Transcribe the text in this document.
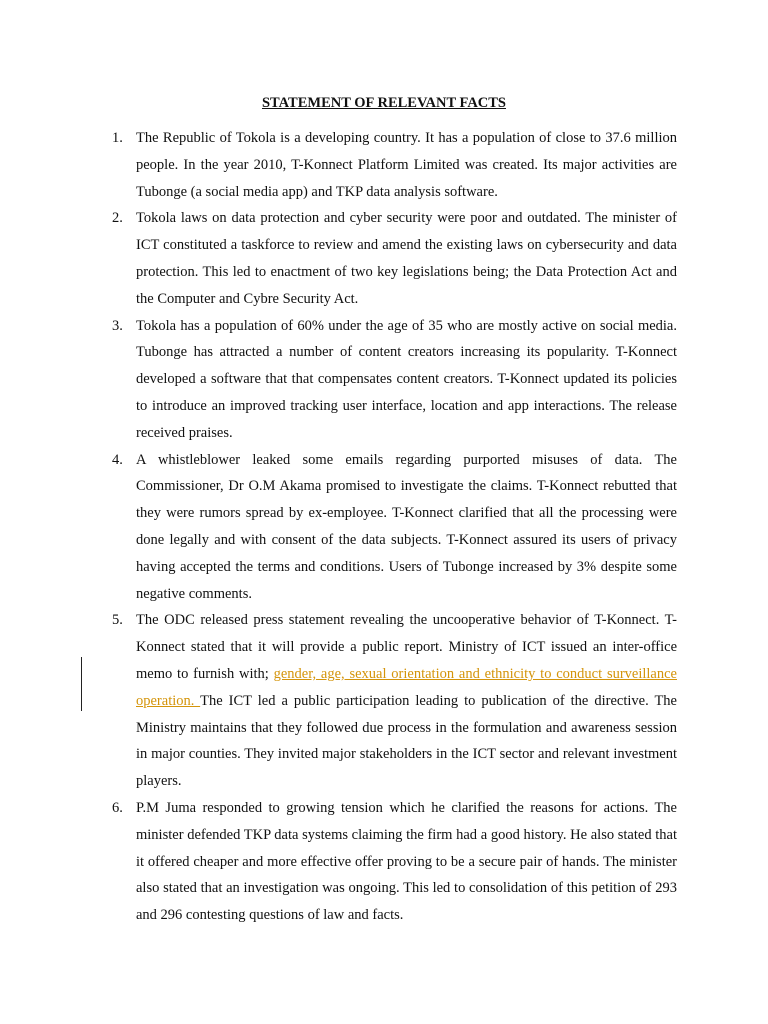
STATEMENT OF RELEVANT FACTS
1. The Republic of Tokola is a developing country. It has a population of close to 37.6 million people. In the year 2010, T-Konnect Platform Limited was created. Its major activities are Tubonge (a social media app) and TKP data analysis software.
2. Tokola laws on data protection and cyber security were poor and outdated. The minister of ICT constituted a taskforce to review and amend the existing laws on cybersecurity and data protection. This led to enactment of two key legislations being; the Data Protection Act and the Computer and Cybre Security Act.
3. Tokola has a population of 60% under the age of 35 who are mostly active on social media. Tubonge has attracted a number of content creators increasing its popularity. T-Konnect developed a software that that compensates content creators. T-Konnect updated its policies to introduce an improved tracking user interface, location and app interactions. The release received praises.
4. A whistleblower leaked some emails regarding purported misuses of data. The Commissioner, Dr O.M Akama promised to investigate the claims. T-Konnect rebutted that they were rumors spread by ex-employee. T-Konnect clarified that all the processing were done legally and with consent of the data subjects. T-Konnect assured its users of privacy having accepted the terms and conditions. Users of Tubonge increased by 3% despite some negative comments.
5. The ODC released press statement revealing the uncooperative behavior of T-Konnect. T-Konnect stated that it will provide a public report. Ministry of ICT issued an inter-office memo to furnish with; gender, age, sexual orientation and ethnicity to conduct surveillance operation. The ICT led a public participation leading to publication of the directive. The Ministry maintains that they followed due process in the formulation and awareness session in major counties. They invited major stakeholders in the ICT sector and relevant investment players.
6. P.M Juma responded to growing tension which he clarified the reasons for actions. The minister defended TKP data systems claiming the firm had a good history. He also stated that it offered cheaper and more effective offer proving to be a secure pair of hands. The minister also stated that an investigation was ongoing. This led to consolidation of this petition of 293 and 296 contesting questions of law and facts.
